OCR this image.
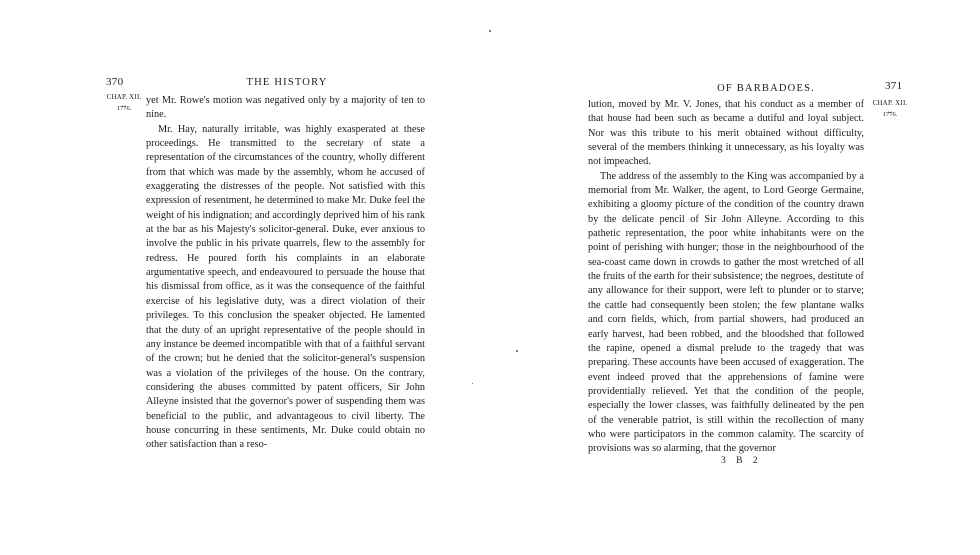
370	THE HISTORY
CHAP. XII.
⏟
1776.

yet Mr. Rowe's motion was negatived only by a majority of ten to nine.

Mr. Hay, naturally irritable, was highly exasperated at these proceedings. He transmitted to the secretary of state a representation of the circumstances of the country, wholly different from that which was made by the assembly, whom he accused of exaggerating the distresses of the people. Not satisfied with this expression of resentment, he determined to make Mr. Duke feel the weight of his indignation; and accordingly deprived him of his rank at the bar as his Majesty's solicitor-general. Duke, ever anxious to involve the public in his private quarrels, flew to the assembly for redress. He poured forth his complaints in an elaborate argumentative speech, and endeavoured to persuade the house that his dismissal from office, as it was the consequence of the faithful exercise of his legislative duty, was a direct violation of their privileges. To this conclusion the speaker objected. He lamented that the duty of an upright representative of the people should in any instance be deemed incompatible with that of a faithful servant of the crown; but he denied that the solicitor-general's suspension was a violation of the privileges of the house. On the contrary, considering the abuses committed by patent officers, Sir John Alleyne insisted that the governor's power of suspending them was beneficial to the public, and advantageous to civil liberty. The house concurring in these sentiments, Mr. Duke could obtain no other satisfaction than a reso-

OF BARBADOES.	371
CHAP. XII.
⏟
1776.

lution, moved by Mr. V. Jones, that his conduct as a member of that house had been such as became a dutiful and loyal subject. Nor was this tribute to his merit obtained without difficulty, several of the members thinking it unnecessary, as his loyalty was not impeached.

The address of the assembly to the King was accompanied by a memorial from Mr. Walker, the agent, to Lord George Germaine, exhibiting a gloomy picture of the condition of the country drawn by the delicate pencil of Sir John Alleyne. According to this pathetic representation, the poor white inhabitants were on the point of perishing with hunger; those in the neighbourhood of the sea-coast came down in crowds to gather the most wretched of all the fruits of the earth for their subsistence; the negroes, destitute of any allowance for their support, were left to plunder or to starve; the cattle had consequently been stolen; the few plantane walks and corn fields, which, from partial showers, had produced an early harvest, had been robbed, and the bloodshed that followed the rapine, opened a dismal prelude to the tragedy that was preparing. These accounts have been accused of exaggeration. The event indeed proved that the apprehensions of famine were providentially relieved. Yet that the condition of the people, especially the lower classes, was faithfully delineated by the pen of the venerable patriot, is still within the recollection of many who were participators in the common calamity. The scarcity of provisions was so alarming, that the governor

3 B 2
